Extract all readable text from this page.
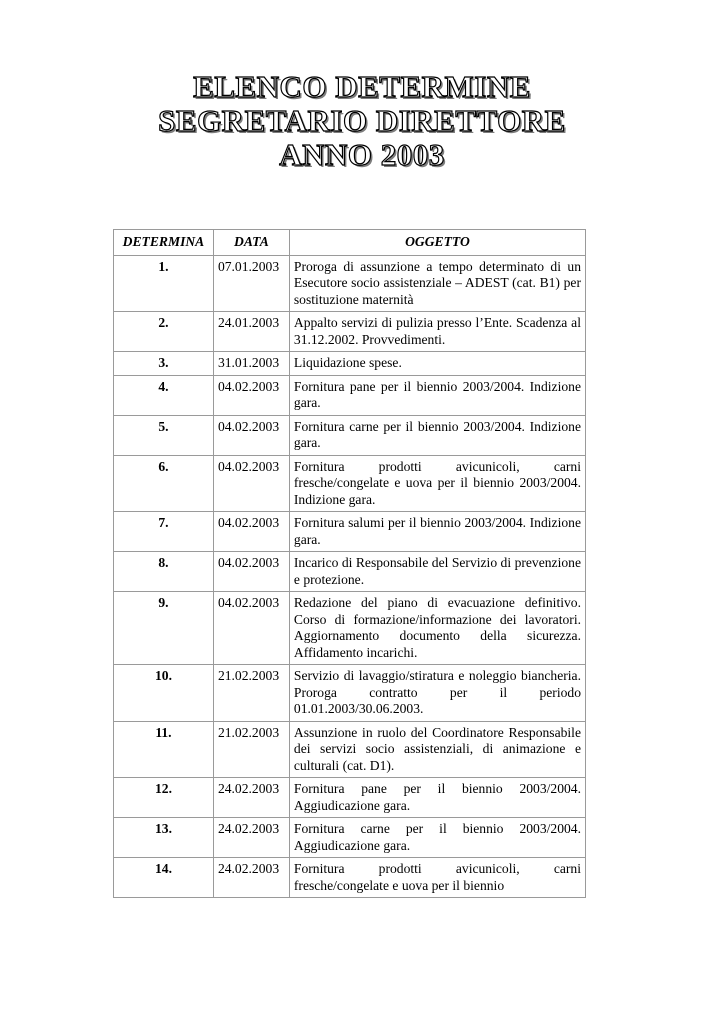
ELENCO DETERMINE
SEGRETARIO DIRETTORE
ANNO 2003
DETERMINA	DATA	OGGETTO
1.	07.01.2003	Proroga di assunzione a tempo determinato di un Esecutore socio assistenziale – ADEST (cat. B1) per sostituzione maternità
2.	24.01.2003	Appalto servizi di pulizia presso l’Ente. Scadenza al 31.12.2002. Provvedimenti.
3.	31.01.2003	Liquidazione spese.
4.	04.02.2003	Fornitura pane per il biennio 2003/2004. Indizione gara.
5.	04.02.2003	Fornitura carne per il biennio 2003/2004. Indizione gara.
6.	04.02.2003	Fornitura prodotti avicunicoli, carni fresche/congelate e uova per il biennio 2003/2004. Indizione gara.
7.	04.02.2003	Fornitura salumi per il biennio 2003/2004. Indizione gara.
8.	04.02.2003	Incarico di Responsabile del Servizio di prevenzione e protezione.
9.	04.02.2003	Redazione del piano di evacuazione definitivo. Corso di formazione/informazione dei lavoratori. Aggiornamento documento della sicurezza. Affidamento incarichi.
10.	21.02.2003	Servizio di lavaggio/stiratura e noleggio biancheria. Proroga contratto per il periodo 01.01.2003/30.06.2003.
11.	21.02.2003	Assunzione in ruolo del Coordinatore Responsabile dei servizi socio assistenziali, di animazione e culturali (cat. D1).
12.	24.02.2003	Fornitura pane per il biennio 2003/2004. Aggiudicazione gara.
13.	24.02.2003	Fornitura carne per il biennio 2003/2004. Aggiudicazione gara.
14.	24.02.2003	Fornitura prodotti avicunicoli, carni fresche/congelate e uova per il biennio
